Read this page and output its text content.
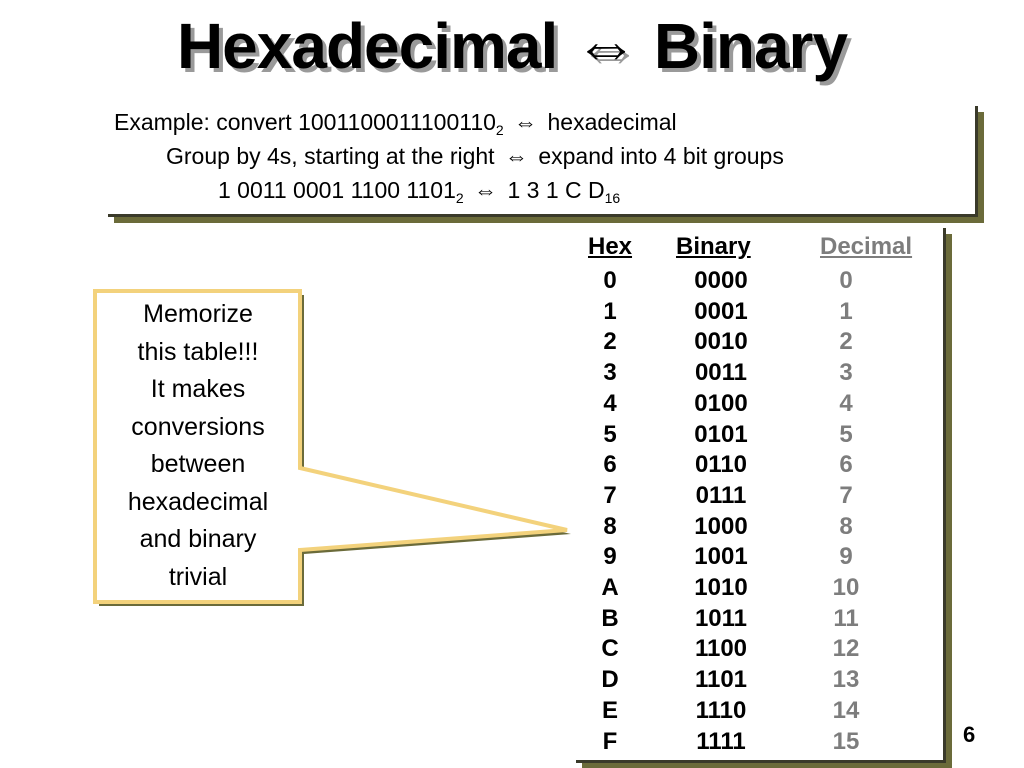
Hexadecimal ⇔ Binary
Example: convert $1001100011100110_2$ ⇔ hexadecimal
Group by 4s, starting at the right ⇔ expand into 4 bit groups
1 0011 0001 1100 $1101_2$ ⇔ 1 3 1 C $D_{16}$
Memorize
this table!!!
It makes
conversions
between
hexadecimal
and binary
trivial
Hex Binary	Decimal
0	0000	0
1	0001	1
2	0010	2
3	0011	3
4	0100	4
5	0101	5
6	0110	6
7	0111	7
8	1000	8
9	1001	9
A	1010	10
B	1011	11
C	1100	12
D	1101	13
E	1110	14
F	1111	15	6
